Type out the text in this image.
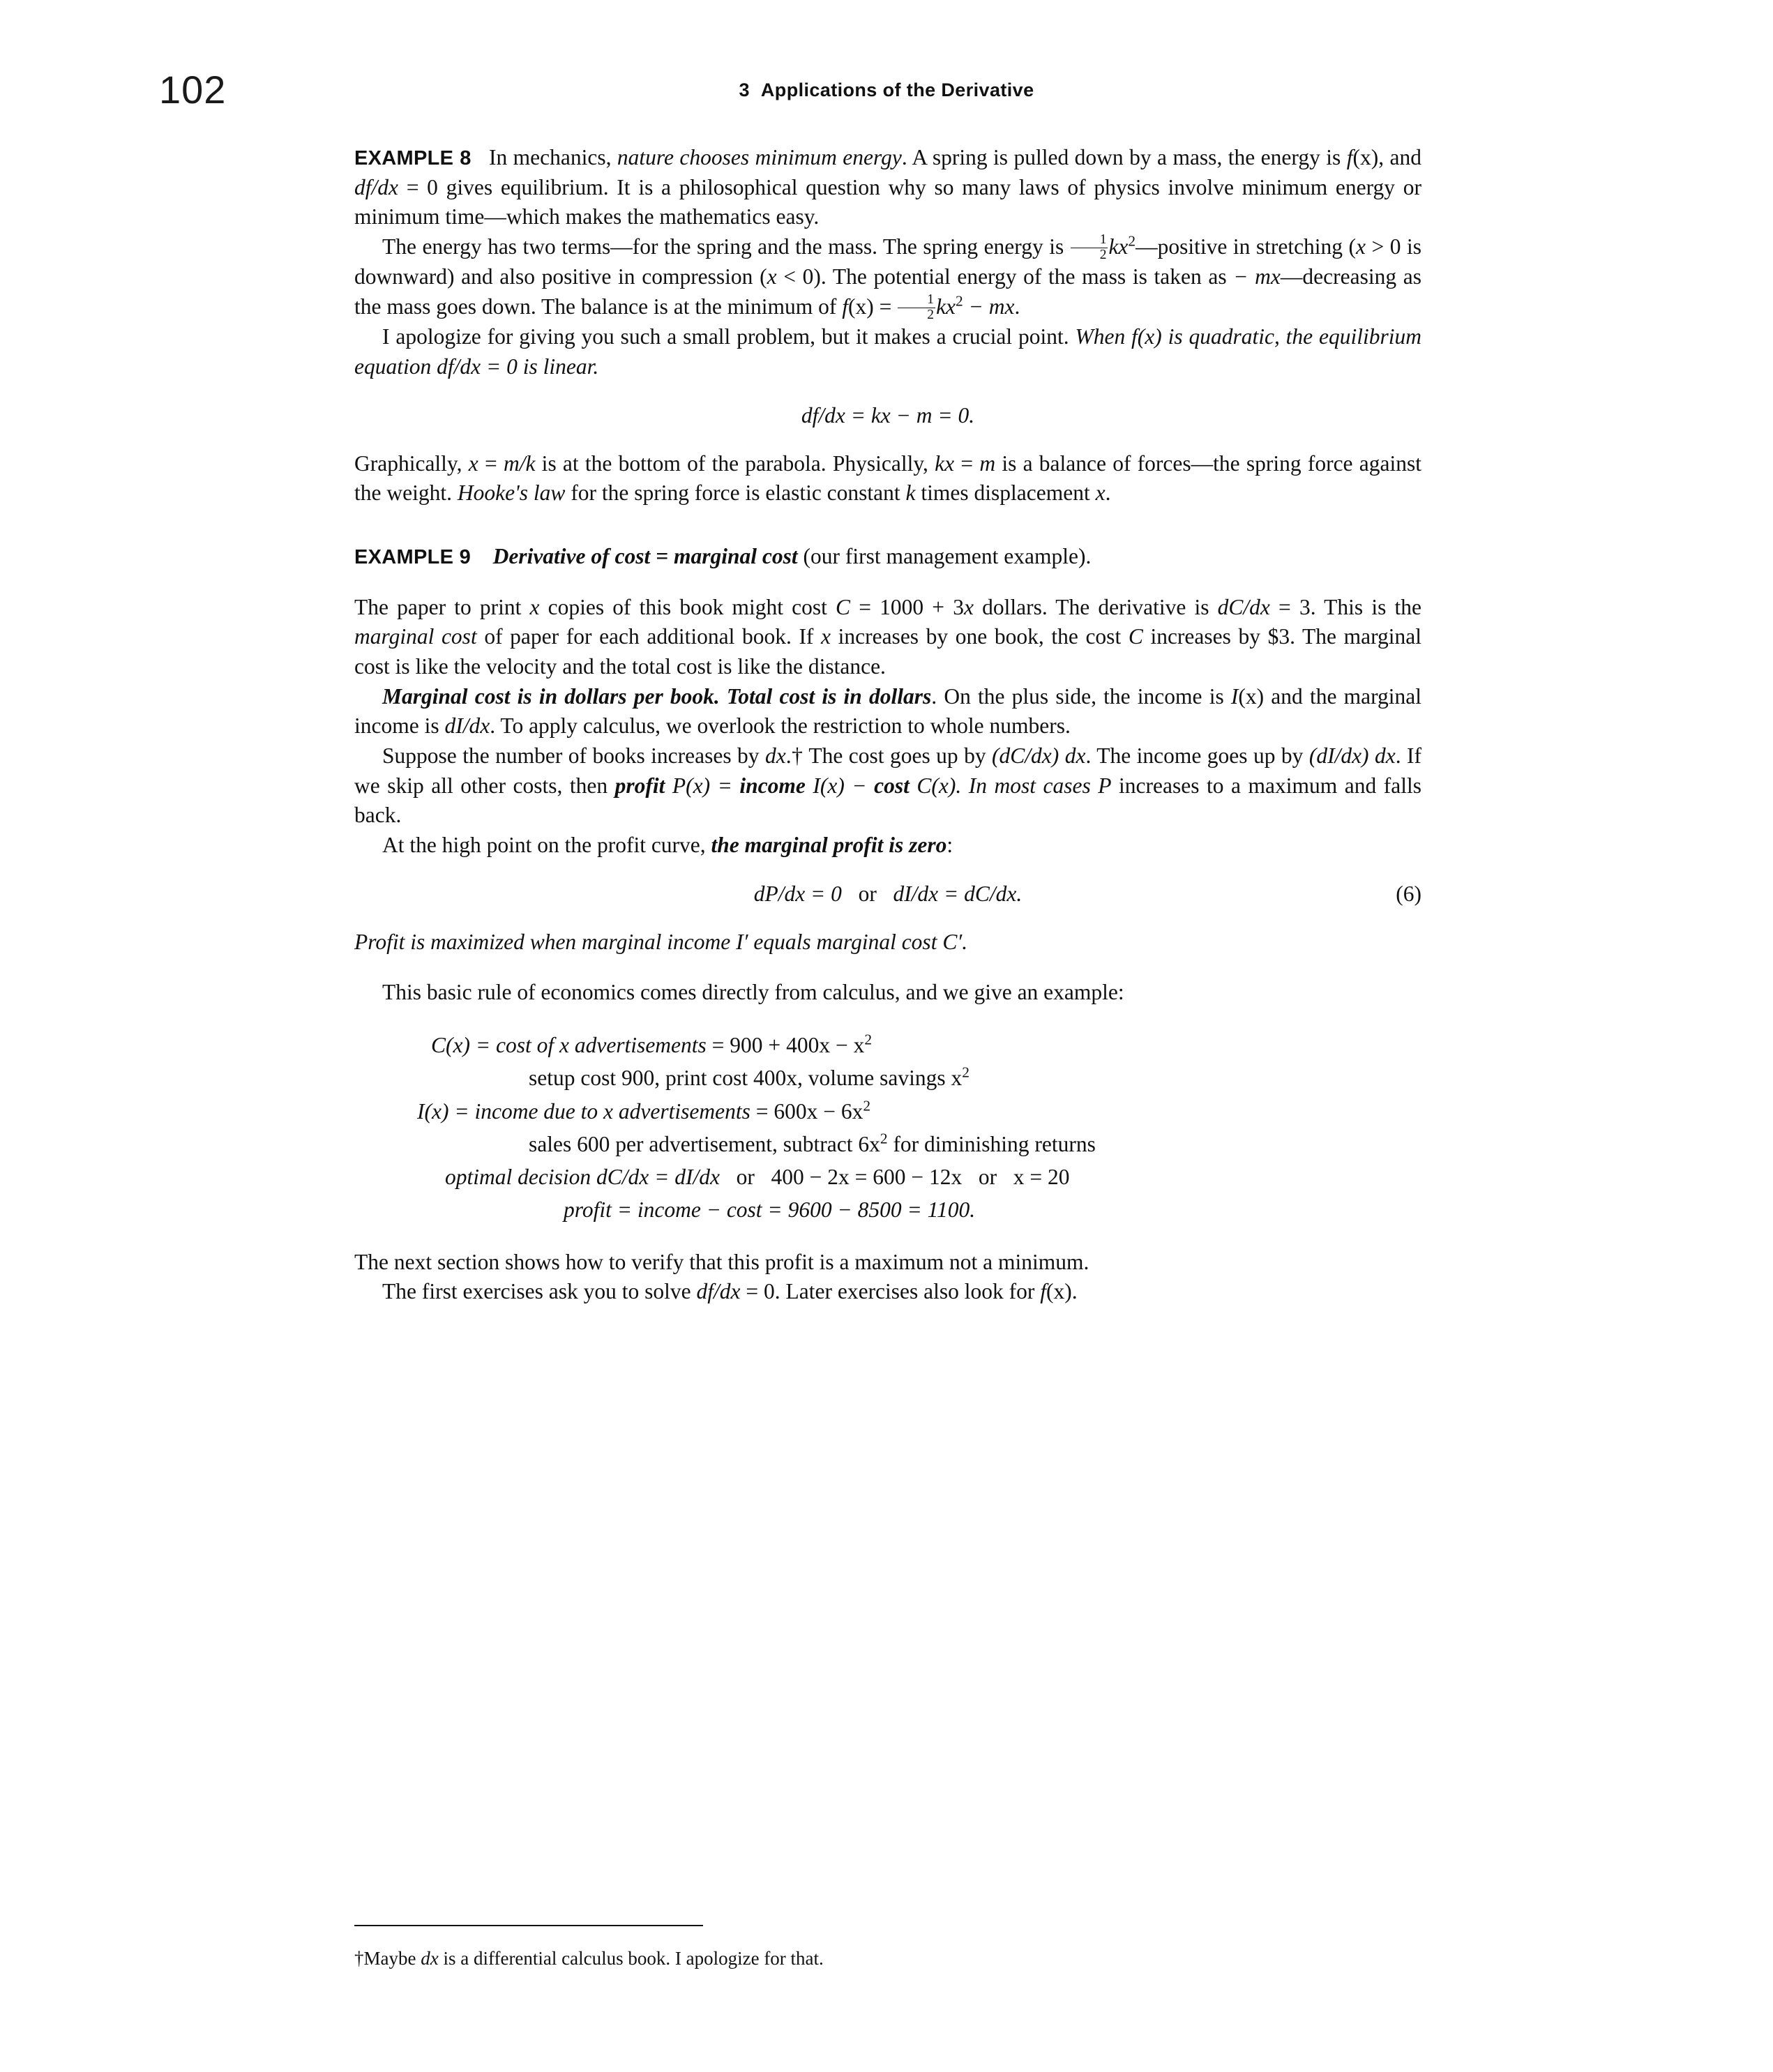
102	3 Applications of the Derivative

EXAMPLE 8 In mechanics, nature chooses minimum energy. A spring is pulled down by a mass, the energy is f(x), and df/dx = 0 gives equilibrium. It is a philosophical question why so many laws of physics involve minimum energy or minimum time—which makes the mathematics easy.

The energy has two terms—for the spring and the mass. The spring energy is $\frac{1}{2}$ $kx^2—positive$ in stretching (x > 0 is downward) and also positive in compression (x < 0). The potential energy of the mass is taken as − mx—decreasing as the mass goes down. The balance is at the minimum of $f(x) = \frac{1}{2} kx^2$ − mx.

I apologize for giving you such a small problem, but it makes a crucial point. When f(x) is quadratic, the equilibrium equation df/dx = 0 is linear.

df/dx = kx − m = 0.

Graphically, x = m/k is at the bottom of the parabola. Physically, kx = m is a balance of forces—the spring force against the weight. Hooke's law for the spring force is elastic constant k times displacement x.

EXAMPLE 9 Derivative of cost = marginal cost (our first management example).

The paper to print x copies of this book might cost C = 1000 + 3x dollars. The derivative is dC/dx = 3. This is the marginal cost of paper for each additional book. If x increases by one book, the cost C increases by $3. The marginal cost is like the velocity and the total cost is like the distance.

Marginal cost is in dollars per book. Total cost is in dollars. On the plus side, the income is I(x) and the marginal income is dI/dx. To apply calculus, we overlook the restriction to whole numbers.

Suppose the number of books increases by dx.† The cost goes up by (dC/dx) dx. The income goes up by (dI/dx) dx. If we skip all other costs, then profit P(x) = income I(x) − cost C(x). In most cases P increases to a maximum and falls back.

At the high point on the profit curve, the marginal profit is zero:

dP/dx = 0 or dI/dx = dC/dx.	(6)

Profit is maximized when marginal income I′ equals marginal cost C′.

This basic rule of economics comes directly from calculus, and we give an example:

C(x) = cost of x advertisements = $900 + 400x - x^2$
setup cost 900, print cost 400x, volume savings $x^2$
I(x) = income due to x advertisements = $600x - 6x^2$
sales 600 per advertisement, subtract $6x^2$ for diminishing returns
optimal decision dC/dx = dI/dx or 400 − 2x = 600 − 12x or x = 20
profit = income − cost = 9600 − 8500 = 1100.

The next section shows how to verify that this profit is a maximum not a minimum.

The first exercises ask you to solve df/dx = 0. Later exercises also look for f(x).

†Maybe dx is a differential calculus book. I apologize for that.
